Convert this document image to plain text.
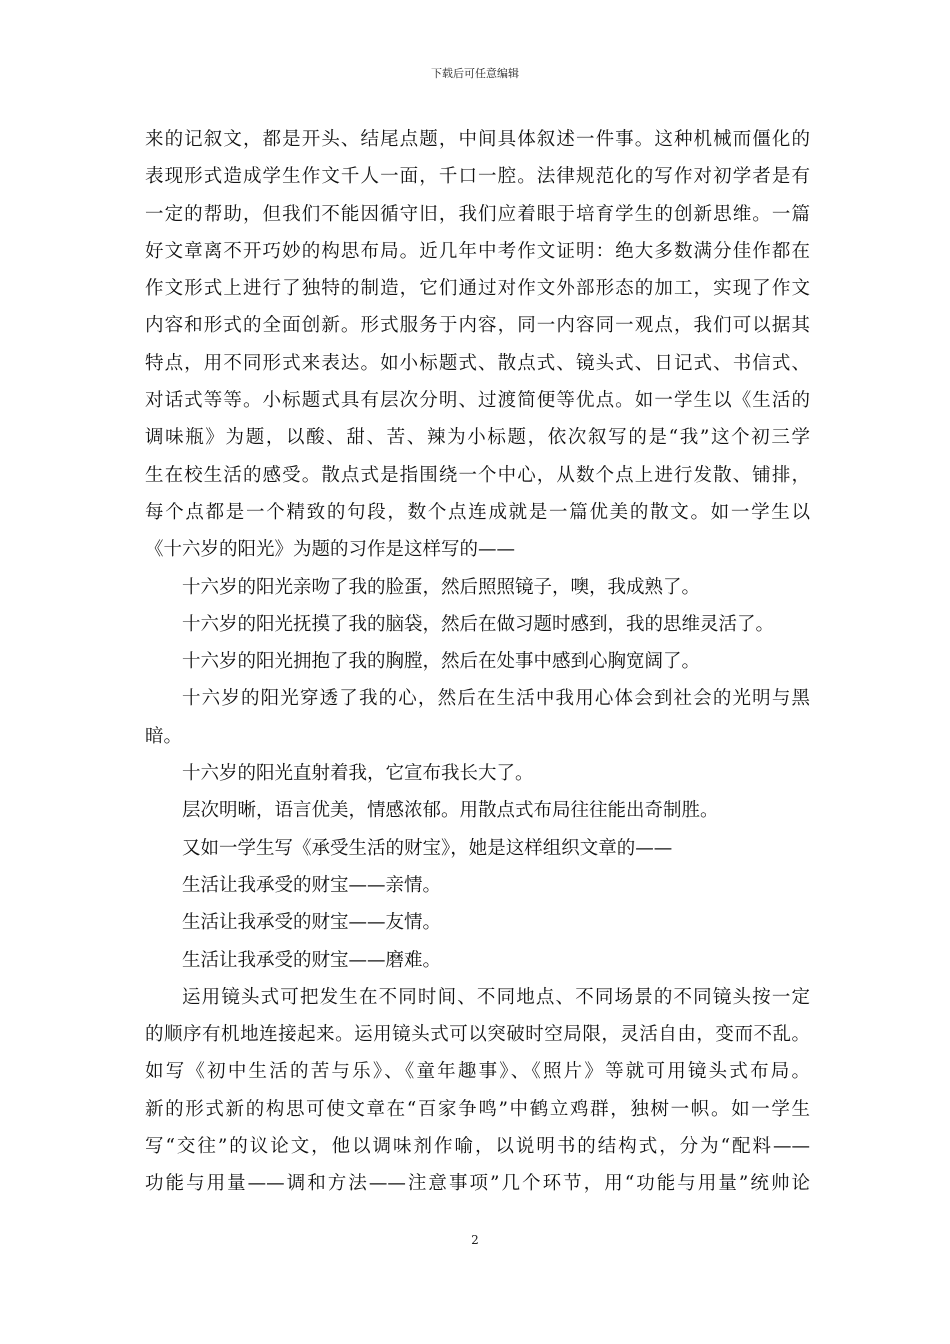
下载后可任意编辑
来的记叙文，都是开头、结尾点题，中间具体叙述一件事。这种机械而僵化的
表现形式造成学生作文千人一面，千口一腔。法律规范化的写作对初学者是有
一定的帮助，但我们不能因循守旧，我们应着眼于培育学生的创新思维。一篇
好文章离不开巧妙的构思布局。近几年中考作文证明：绝大多数满分佳作都在
作文形式上进行了独特的制造，它们通过对作文外部形态的加工，实现了作文
内容和形式的全面创新。形式服务于内容，同一内容同一观点，我们可以据其
特点，用不同形式来表达。如小标题式、散点式、镜头式、日记式、书信式、
对话式等等。小标题式具有层次分明、过渡简便等优点。如一学生以《生活的
调味瓶》为题，以酸、甜、苦、辣为小标题，依次叙写的是“我”这个初三学
生在校生活的感受。散点式是指围绕一个中心，从数个点上进行发散、铺排，
每个点都是一个精致的句段，数个点连成就是一篇优美的散文。如一学生以
《十六岁的阳光》为题的习作是这样写的——
十六岁的阳光亲吻了我的脸蛋，然后照照镜子，噢，我成熟了。
十六岁的阳光抚摸了我的脑袋，然后在做习题时感到，我的思维灵活了。
十六岁的阳光拥抱了我的胸膛，然后在处事中感到心胸宽阔了。
十六岁的阳光穿透了我的心，然后在生活中我用心体会到社会的光明与黑
暗。
十六岁的阳光直射着我，它宣布我长大了。
层次明晰，语言优美，情感浓郁。用散点式布局往往能出奇制胜。
又如一学生写《承受生活的财宝》，她是这样组织文章的——
生活让我承受的财宝——亲情。
生活让我承受的财宝——友情。
生活让我承受的财宝——磨难。
运用镜头式可把发生在不同时间、不同地点、不同场景的不同镜头按一定
的顺序有机地连接起来。运用镜头式可以突破时空局限，灵活自由，变而不乱。
如写《初中生活的苦与乐》、《童年趣事》、《照片》等就可用镜头式布局。
新的形式新的构思可使文章在“百家争鸣”中鹤立鸡群，独树一帜。如一学生
写“交往”的议论文，他以调味剂作喻，以说明书的结构式，分为“配料——
功能与用量——调和方法——注意事项”几个环节，用“功能与用量”统帅论
2
